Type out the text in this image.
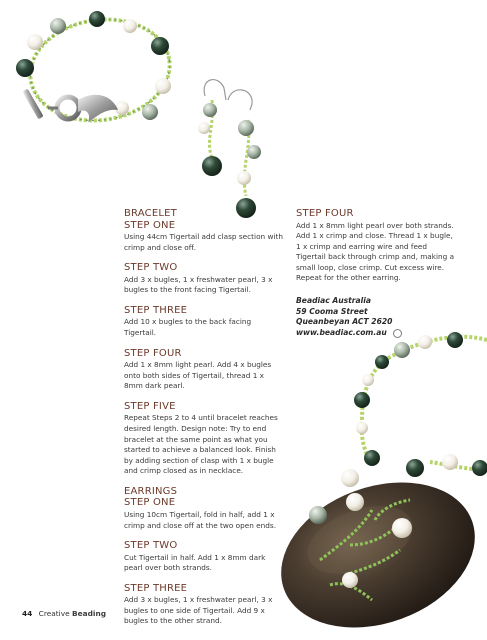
BRACELET
STEP ONE

Using 44cm Tigertail add clasp section with crimp and close off.

STEP TWO

Add 3 x bugles, 1 x freshwater pearl, 3 x bugles to the front facing Tigertail.

STEP THREE

Add 10 x bugles to the back facing Tigertail.

STEP FOUR

Add 1 x 8mm light pearl. Add 4 x bugles onto both sides of Tigertail, thread 1 x 8mm dark pearl.

STEP FIVE

Repeat Steps 2 to 4 until bracelet reaches desired length. Design note: Try to end bracelet at the same point as what you started to achieve a balanced look. Finish by adding section of clasp with 1 x bugle and crimp closed as in necklace.

EARRINGS
STEP ONE

Using 10cm Tigertail, fold in half, add 1 x crimp and close off at the two open ends.

STEP TWO

Cut Tigertail in half. Add 1 x 8mm dark pearl over both strands.

STEP THREE

Add 3 x bugles, 1 x freshwater pearl, 3 x bugles to one side of Tigertail. Add 9 x bugles to the other strand.

STEP FOUR

Add 1 x 8mm light pearl over both strands. Add 1 x crimp and close. Thread 1 x bugle, 1 x crimp and earring wire and feed Tigertail back through crimp and, making a small loop, close crimp. Cut excess wire. Repeat for the other earring.

Beadiac Australia
59 Cooma Street
Queanbeyan ACT 2620
www.beadiac.com.au
44 Creative Beading
